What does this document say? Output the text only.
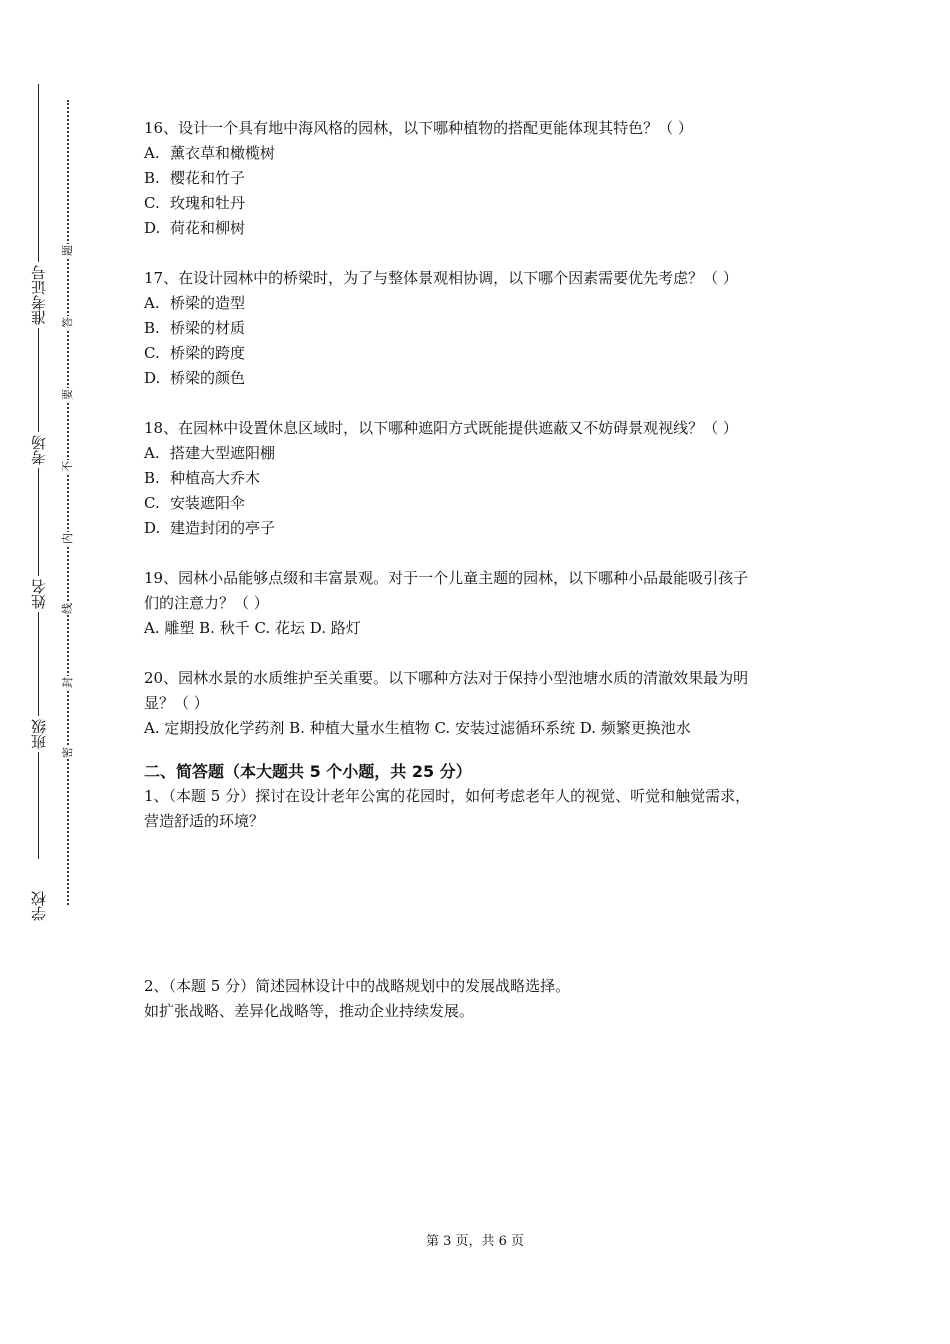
准考证号
考场
姓名
班级
学校
密
封
线
内
不
要
答
题
16、设计一个具有地中海风格的园林，以下哪种植物的搭配更能体现其特色？（ ）
A. 薰衣草和橄榄树
B. 樱花和竹子
C. 玫瑰和牡丹
D. 荷花和柳树
17、在设计园林中的桥梁时，为了与整体景观相协调，以下哪个因素需要优先考虑？（ ）
A. 桥梁的造型
B. 桥梁的材质
C. 桥梁的跨度
D. 桥梁的颜色
18、在园林中设置休息区域时，以下哪种遮阳方式既能提供遮蔽又不妨碍景观视线？（ ）
A. 搭建大型遮阳棚
B. 种植高大乔木
C. 安装遮阳伞
D. 建造封闭的亭子
19、园林小品能够点缀和丰富景观。对于一个儿童主题的园林，以下哪种小品最能吸引孩子
们的注意力？（ ）
A. 雕塑 B. 秋千 C. 花坛 D. 路灯
20、园林水景的水质维护至关重要。以下哪种方法对于保持小型池塘水质的清澈效果最为明
显？（ ）
A. 定期投放化学药剂 B. 种植大量水生植物 C. 安装过滤循环系统 D. 频繁更换池水
二、简答题（本大题共 5 个小题，共 25 分）
1、（本题 5 分）探讨在设计老年公寓的花园时，如何考虑老年人的视觉、听觉和触觉需求，
营造舒适的环境？
2、（本题 5 分）简述园林设计中的战略规划中的发展战略选择。
如扩张战略、差异化战略等，推动企业持续发展。
第 3 页，共 6 页
